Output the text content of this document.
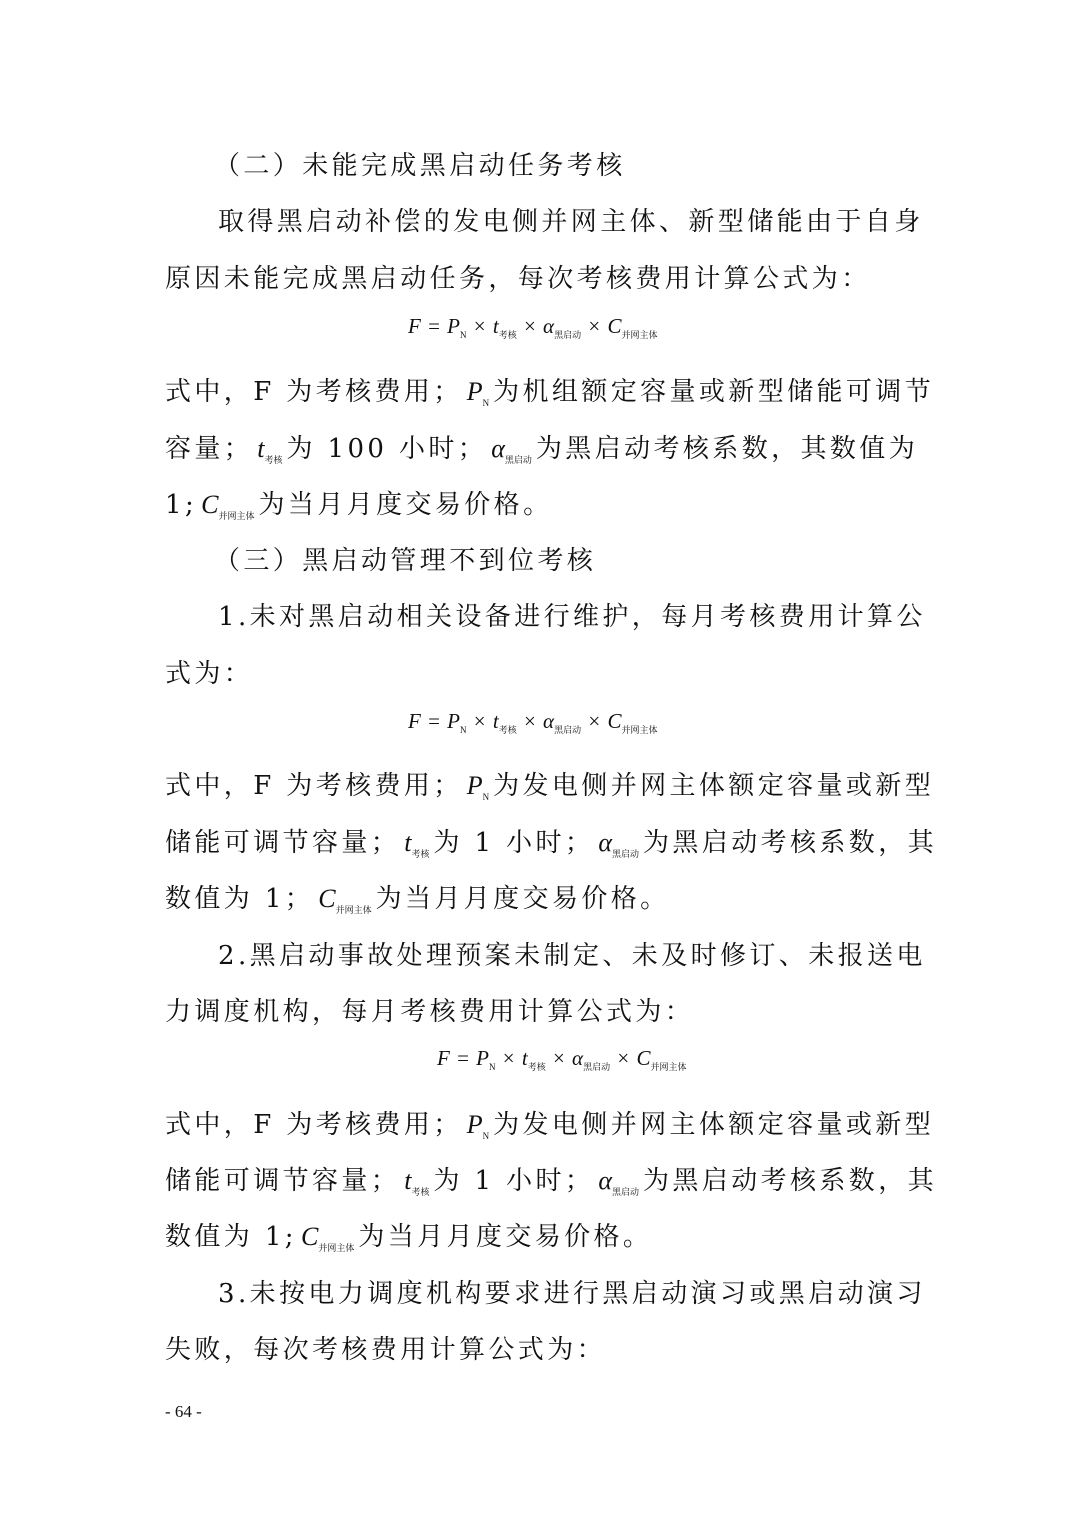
（二）未能完成黑启动任务考核
取得黑启动补偿的发电侧并网主体、新型储能由于自身
原因未能完成黑启动任务，每次考核费用计算公式为：
$F = P_N \times t_{考核} \times \alpha_{黑启动} \times C_{并网主体}$
式中，F 为考核费用； $P_N$ 为机组额定容量或新型储能可调节
容量； $t_{考核}$ 为 100 小时； $\alpha_{黑启动}$ 为黑启动考核系数，其数值为
1; $C_{并网主体}$ 为当月月度交易价格。
（三）黑启动管理不到位考核
1.未对黑启动相关设备进行维护，每月考核费用计算公
式为：
$F = P_N \times t_{考核} \times \alpha_{黑启动} \times C_{并网主体}$
式中，F 为考核费用； $P_N$ 为发电侧并网主体额定容量或新型
储能可调节容量； $t_{考核}$ 为 1 小时； $\alpha_{黑启动}$ 为黑启动考核系数，其
数值为 1； $C_{并网主体}$ 为当月月度交易价格。
2.黑启动事故处理预案未制定、未及时修订、未报送电
力调度机构，每月考核费用计算公式为：
$F = P_N \times t_{考核} \times \alpha_{黑启动} \times C_{并网主体}$
式中，F 为考核费用； $P_N$ 为发电侧并网主体额定容量或新型
储能可调节容量； $t_{考核}$ 为 1 小时； $\alpha_{黑启动}$ 为黑启动考核系数，其
数值为 1; $C_{并网主体}$ 为当月月度交易价格。
3.未按电力调度机构要求进行黑启动演习或黑启动演习
失败，每次考核费用计算公式为：
- 64 -
